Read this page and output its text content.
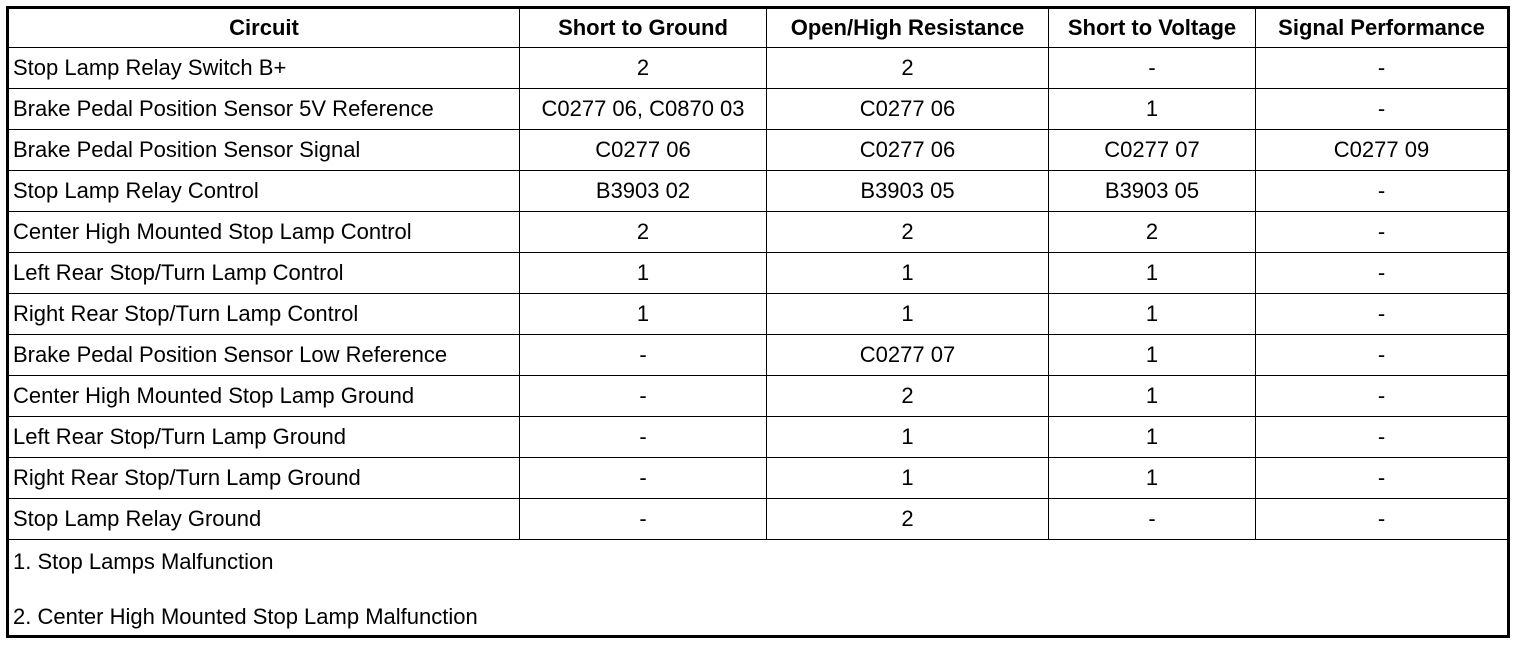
Circuit	Short to Ground	Open/High Resistance	Short to Voltage	Signal Performance
Stop Lamp Relay Switch B+	2	2	-	-
Brake Pedal Position Sensor 5V Reference	C0277 06, C0870 03	C0277 06	1	-
Brake Pedal Position Sensor Signal	C0277 06	C0277 06	C0277 07	C0277 09
Stop Lamp Relay Control	B3903 02	B3903 05	B3903 05	-
Center High Mounted Stop Lamp Control	2	2	2	-
Left Rear Stop/Turn Lamp Control	1	1	1	-
Right Rear Stop/Turn Lamp Control	1	1	1	-
Brake Pedal Position Sensor Low Reference	-	C0277 07	1	-
Center High Mounted Stop Lamp Ground	-	2	1	-
Left Rear Stop/Turn Lamp Ground	-	1	1	-
Right Rear Stop/Turn Lamp Ground	-	1	1	-
Stop Lamp Relay Ground	-	2	-	-

1. Stop Lamps Malfunction
2. Center High Mounted Stop Lamp Malfunction				
